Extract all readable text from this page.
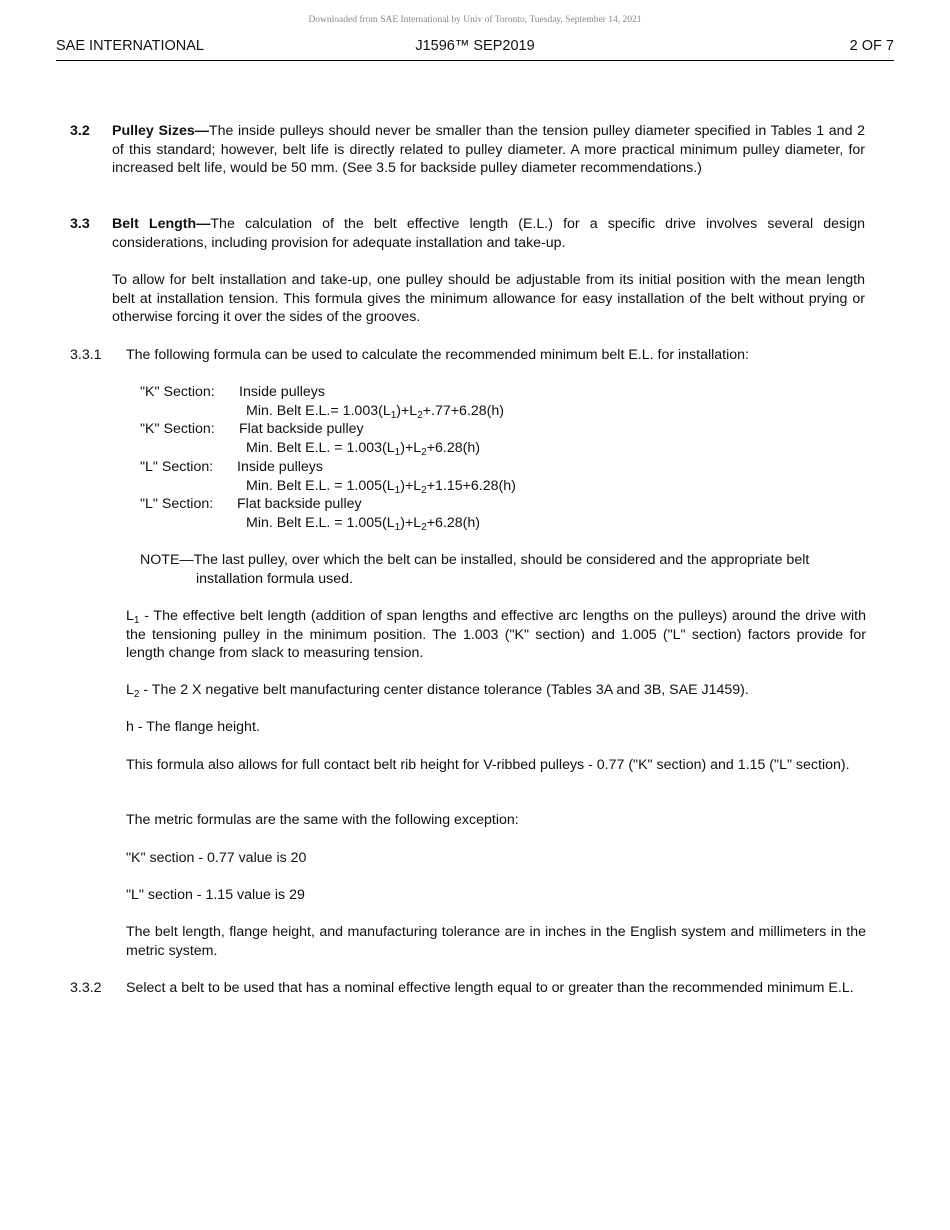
Downloaded from SAE International by Univ of Toronto, Tuesday, September 14, 2021
SAE INTERNATIONAL	J1596™ SEP2019	2 OF 7
3.2 Pulley Sizes—The inside pulleys should never be smaller than the tension pulley diameter specified in Tables 1 and 2 of this standard; however, belt life is directly related to pulley diameter. A more practical minimum pulley diameter, for increased belt life, would be 50 mm. (See 3.5 for backside pulley diameter recommendations.)
3.3 Belt Length—The calculation of the belt effective length (E.L.) for a specific drive involves several design considerations, including provision for adequate installation and take-up.
To allow for belt installation and take-up, one pulley should be adjustable from its initial position with the mean length belt at installation tension. This formula gives the minimum allowance for easy installation of the belt without prying or otherwise forcing it over the sides of the grooves.
3.3.1 The following formula can be used to calculate the recommended minimum belt E.L. for installation:
"K" Section: Inside pulleys
Min. Belt $E.L.= 1.003(L_1)+L_2+.77+6.28(h)$
"K" Section: Flat backside pulley
Min. Belt E.L. = $1.003(L_1)+L_2+6.28(h)$
"L" Section: Inside pulleys
Min. Belt E.L. = $1.005(L_1)+L_2+1.15+6.28(h)$
"L" Section: Flat backside pulley
Min. Belt E.L. = $1.005(L_1)+L_2+6.28(h)$
NOTE—The last pulley, over which the belt can be installed, should be considered and the appropriate belt
installation formula used.
$L_1$ - The effective belt length (addition of span lengths and effective arc lengths on the pulleys) around the drive with the tensioning pulley in the minimum position. The 1.003 ("K" section) and 1.005 ("L" section) factors provide for length change from slack to measuring tension.
$L_2$ - The 2 X negative belt manufacturing center distance tolerance (Tables 3A and 3B, SAE J1459).
h - The flange height.
This formula also allows for full contact belt rib height for V-ribbed pulleys - 0.77 ("K" section) and 1.15 ("L" section).
The metric formulas are the same with the following exception:
"K" section - 0.77 value is 20
"L" section - 1.15 value is 29
The belt length, flange height, and manufacturing tolerance are in inches in the English system and millimeters in the metric system.
3.3.2 Select a belt to be used that has a nominal effective length equal to or greater than the recommended minimum E.L.
